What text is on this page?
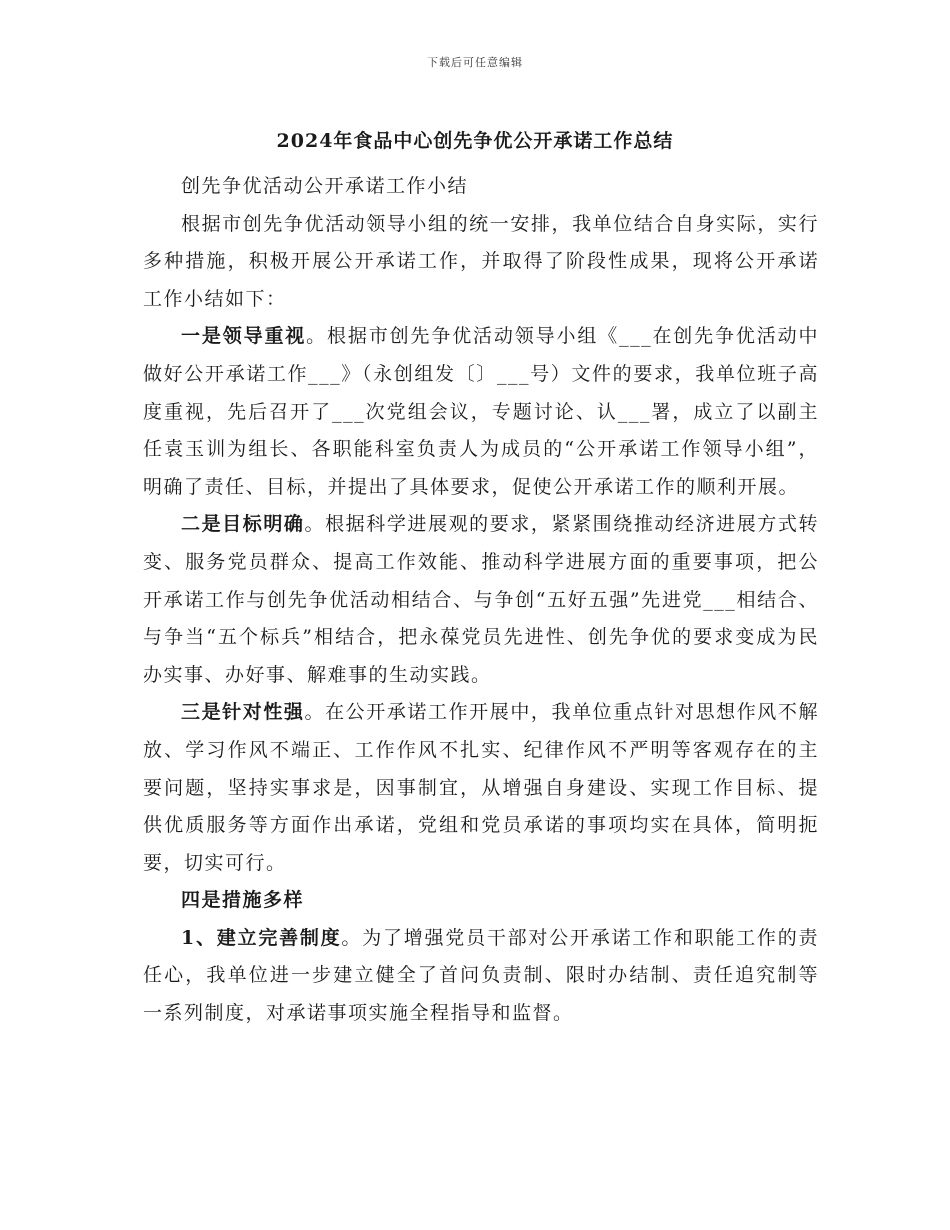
下载后可任意编辑
2024年食品中心创先争优公开承诺工作总结

创先争优活动公开承诺工作小结

根据市创先争优活动领导小组的统一安排，我单位结合自身实际，实行多种措施，积极开展公开承诺工作，并取得了阶段性成果，现将公开承诺工作小结如下：

一是领导重视。根据市创先争优活动领导小组《___在创先争优活动中做好公开承诺工作___》（永创组发〔〕___号）文件的要求，我单位班子高度重视，先后召开了___次党组会议，专题讨论、认___署，成立了以副主任袁玉训为组长、各职能科室负责人为成员的“公开承诺工作领导小组”，明确了责任、目标，并提出了具体要求，促使公开承诺工作的顺利开展。

二是目标明确。根据科学进展观的要求，紧紧围绕推动经济进展方式转变、服务党员群众、提高工作效能、推动科学进展方面的重要事项，把公开承诺工作与创先争优活动相结合、与争创“五好五强”先进党___相结合、与争当“五个标兵”相结合，把永葆党员先进性、创先争优的要求变成为民办实事、办好事、解难事的生动实践。

三是针对性强。在公开承诺工作开展中，我单位重点针对思想作风不解放、学习作风不端正、工作作风不扎实、纪律作风不严明等客观存在的主要问题，坚持实事求是，因事制宜，从增强自身建设、实现工作目标、提供优质服务等方面作出承诺，党组和党员承诺的事项均实在具体，简明扼要，切实可行。

四是措施多样

1、建立完善制度。为了增强党员干部对公开承诺工作和职能工作的责任心，我单位进一步建立健全了首问负责制、限时办结制、责任追究制等一系列制度，对承诺事项实施全程指导和监督。
